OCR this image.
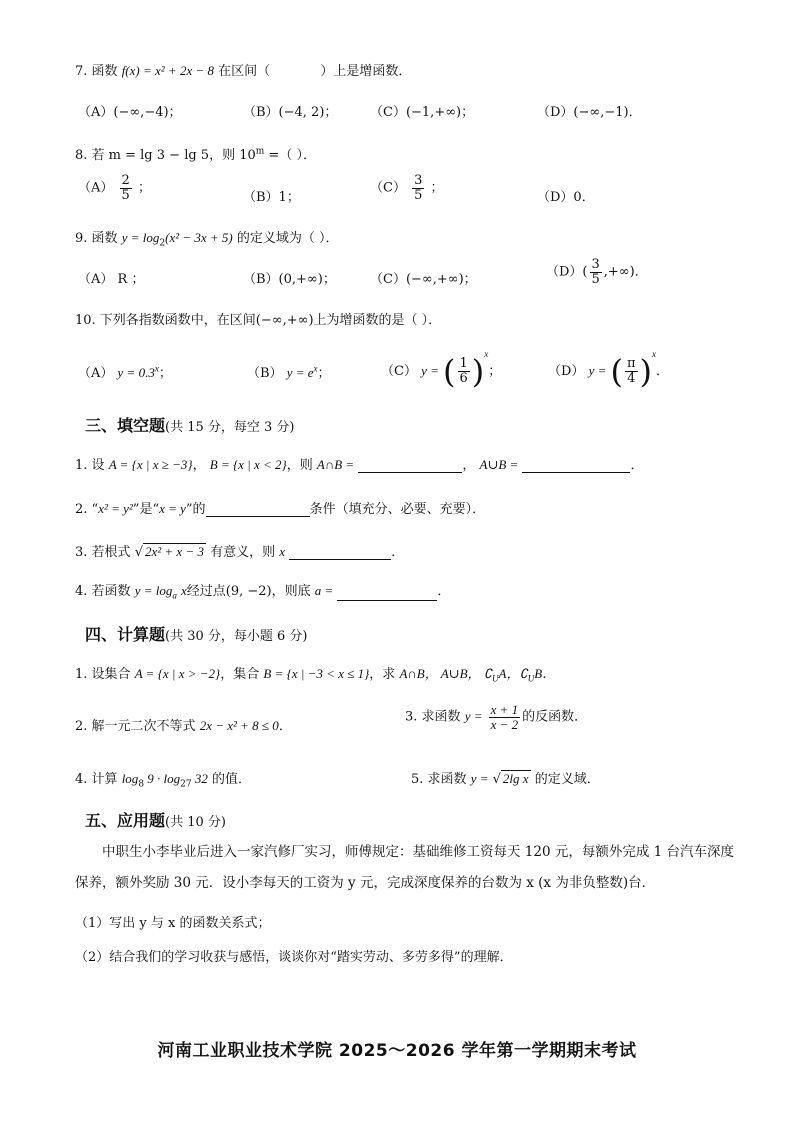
7. 函数 f(x) = x² + 2x − 8 在区间（	）上是增函数．
（A）(−∞,−4)；	（B）(−4, 2)；	（C）(−1,+∞)；	（D）(−∞,−1)．
8. 若 m = lg 3 − lg 5，则 $10^m$ =（ ）．
$(A) \frac{2}{5}$ ；
（B）1；
$(C) \frac{3}{5}$ ；
（D）0．
9. 函数 $y = \log_2(x^2 - 3x + 5)$ 的定义域为（ ）．
（A） R ；	（B）(0,+∞)；	（C）(−∞,+∞)；	$(D)( \frac{3}{5}$ ,+∞)．
10. 下列各指数函数中，在区间(−∞,+∞)上为增函数的是（ ）．
（A） $y = 0.3^x$；	（B） $y = e^x$；	（C） y = ( $\frac{1}{6} )^x$；	（D） y = ( $\frac{\pi}{4} )^x$．
三、填空题(共 15 分，每空 3 分)
1. 设 A = {x | x ≥ −3}， B = {x | x < 2}，则 A∩B =	， A∪B =	．
2. “x² = y²”是“x = y”的	条件（填充分、必要、充要）．
3. 若根式 √ 2x² + x − 3 有意义，则 x	．
4. 若函数 $y = \log_a x$经过点(9, −2)，则底 a =	．
四、计算题(共 30 分，每小题 6 分)
1. 设集合 A = {x | x > −2}，集合 B = {x | −3 < x ≤ 1}，求 A∩B， A∪B， $∁_UA$，$∁_UB$．
2. 解一元二次不等式 2x − x² + 8 ≤ 0．
3. 求函数 $y = \frac{x + 1}{x - 2}$ 的反函数．
4. 计算 $\log_8 9 \cdot \log_{27} 32$ 的值．	5. 求函数 y = √ 2lg x 的定义域．
五、应用题(共 10 分)
中职生小李毕业后进入一家汽修厂实习，师傅规定：基础维修工资每天 120 元，每额外完成 1 台汽车深度保养，额外奖励 30 元．设小李每天的工资为 y 元，完成深度保养的台数为 x (x 为非负整数)台．
（1）写出 y 与 x 的函数关系式；
（2）结合我们的学习收获与感悟，谈谈你对“踏实劳动、多劳多得”的理解．
河南工业职业技术学院 2025～2026 学年第一学期期末考试
